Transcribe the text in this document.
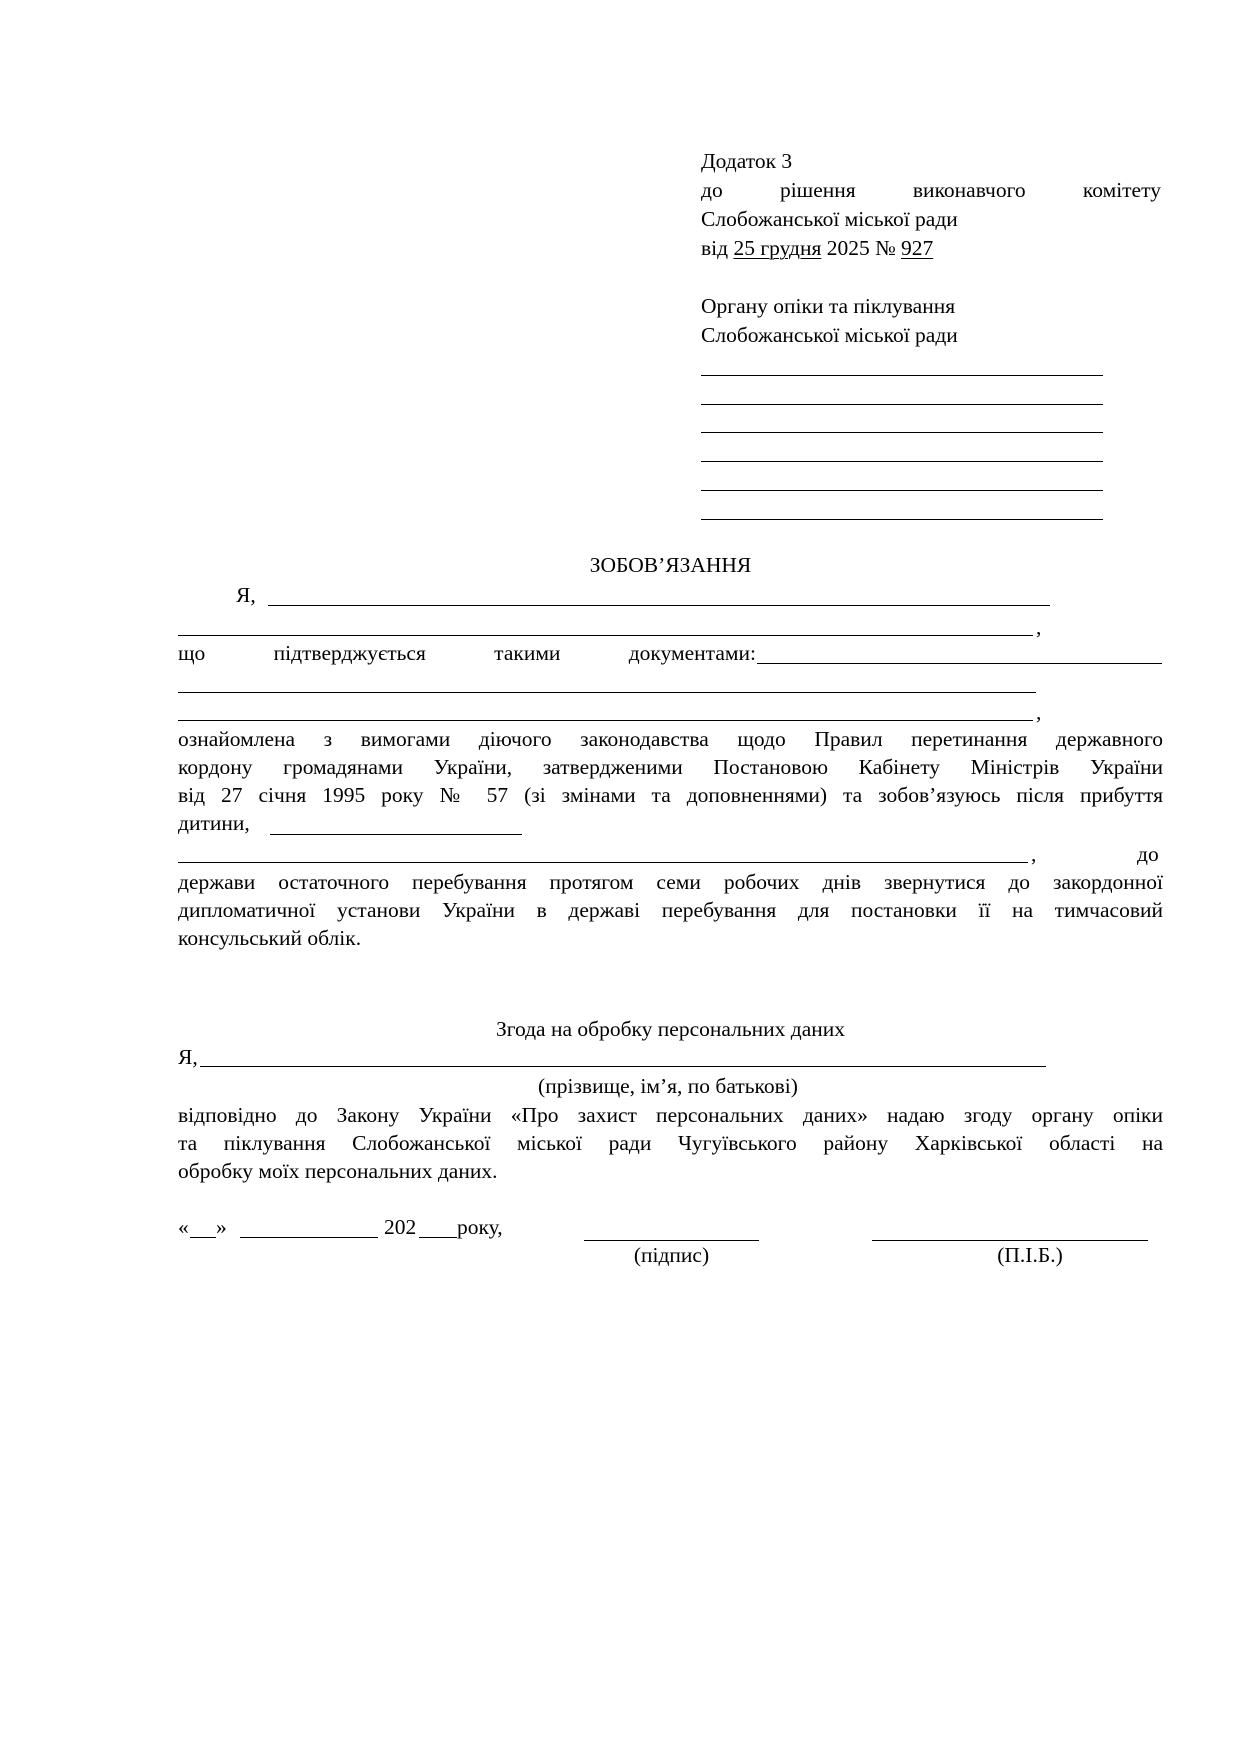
Додаток 3
до	рішення	виконавчого	комітету
Слобожанської міської ради
від 25 грудня 2025 № 927
Органу опіки та піклування
Слобожанської міської ради
ЗОБОВ’ЯЗАННЯ
Я,
,
що	підтверджується	такими	документами:
,
ознайомлена з вимогами діючого законодавства щодо Правил перетинання державного
кордону громадянами України, затвердженими Постановою Кабінету Міністрів України
від 27 січня 1995 року № 57 (зі змінами та доповненнями) та зобов’язуюсь після прибуття
дитини,
,	до
держави остаточного перебування протягом семи робочих днів звернутися до закордонної
дипломатичної установи України в державі перебування для постановки її на тимчасовий
консульський облік.
Згода на обробку персональних даних
Я,
(прізвище, ім’я, по батькові)
відповідно до Закону України «Про захист персональних даних» надаю згоду органу опіки
та піклування Слобожанської міської ради Чугуївського району Харківської області на
обробку моїх персональних даних.
« »	202 року,
(підпис)	(П.І.Б.)
